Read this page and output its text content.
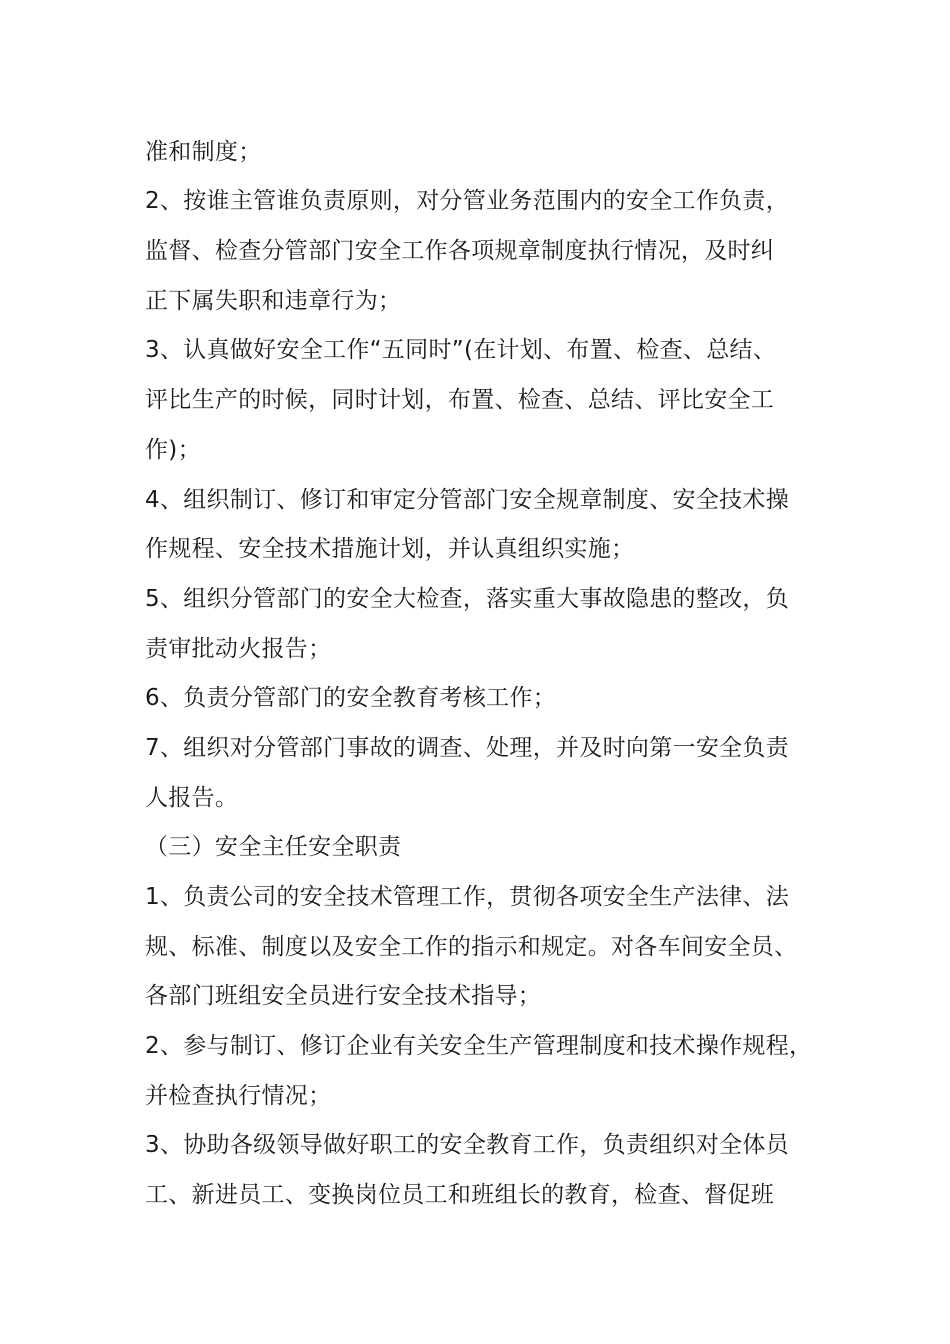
准和制度；
2、按谁主管谁负责原则，对分管业务范围内的安全工作负责，
监督、检查分管部门安全工作各项规章制度执行情况，及时纠
正下属失职和违章行为；
3、认真做好安全工作“五同时”(在计划、布置、检查、总结、
评比生产的时候，同时计划，布置、检查、总结、评比安全工
作)；
4、组织制订、修订和审定分管部门安全规章制度、安全技术操
作规程、安全技术措施计划，并认真组织实施；
5、组织分管部门的安全大检查，落实重大事故隐患的整改，负
责审批动火报告；
6、负责分管部门的安全教育考核工作；
7、组织对分管部门事故的调查、处理，并及时向第一安全负责
人报告。
（三）安全主任安全职责
1、负责公司的安全技术管理工作，贯彻各项安全生产法律、法
规、标准、制度以及安全工作的指示和规定。对各车间安全员、
各部门班组安全员进行安全技术指导；
2、参与制订、修订企业有关安全生产管理制度和技术操作规程，
并检查执行情况；
3、协助各级领导做好职工的安全教育工作，负责组织对全体员
工、新进员工、变换岗位员工和班组长的教育，检查、督促班
